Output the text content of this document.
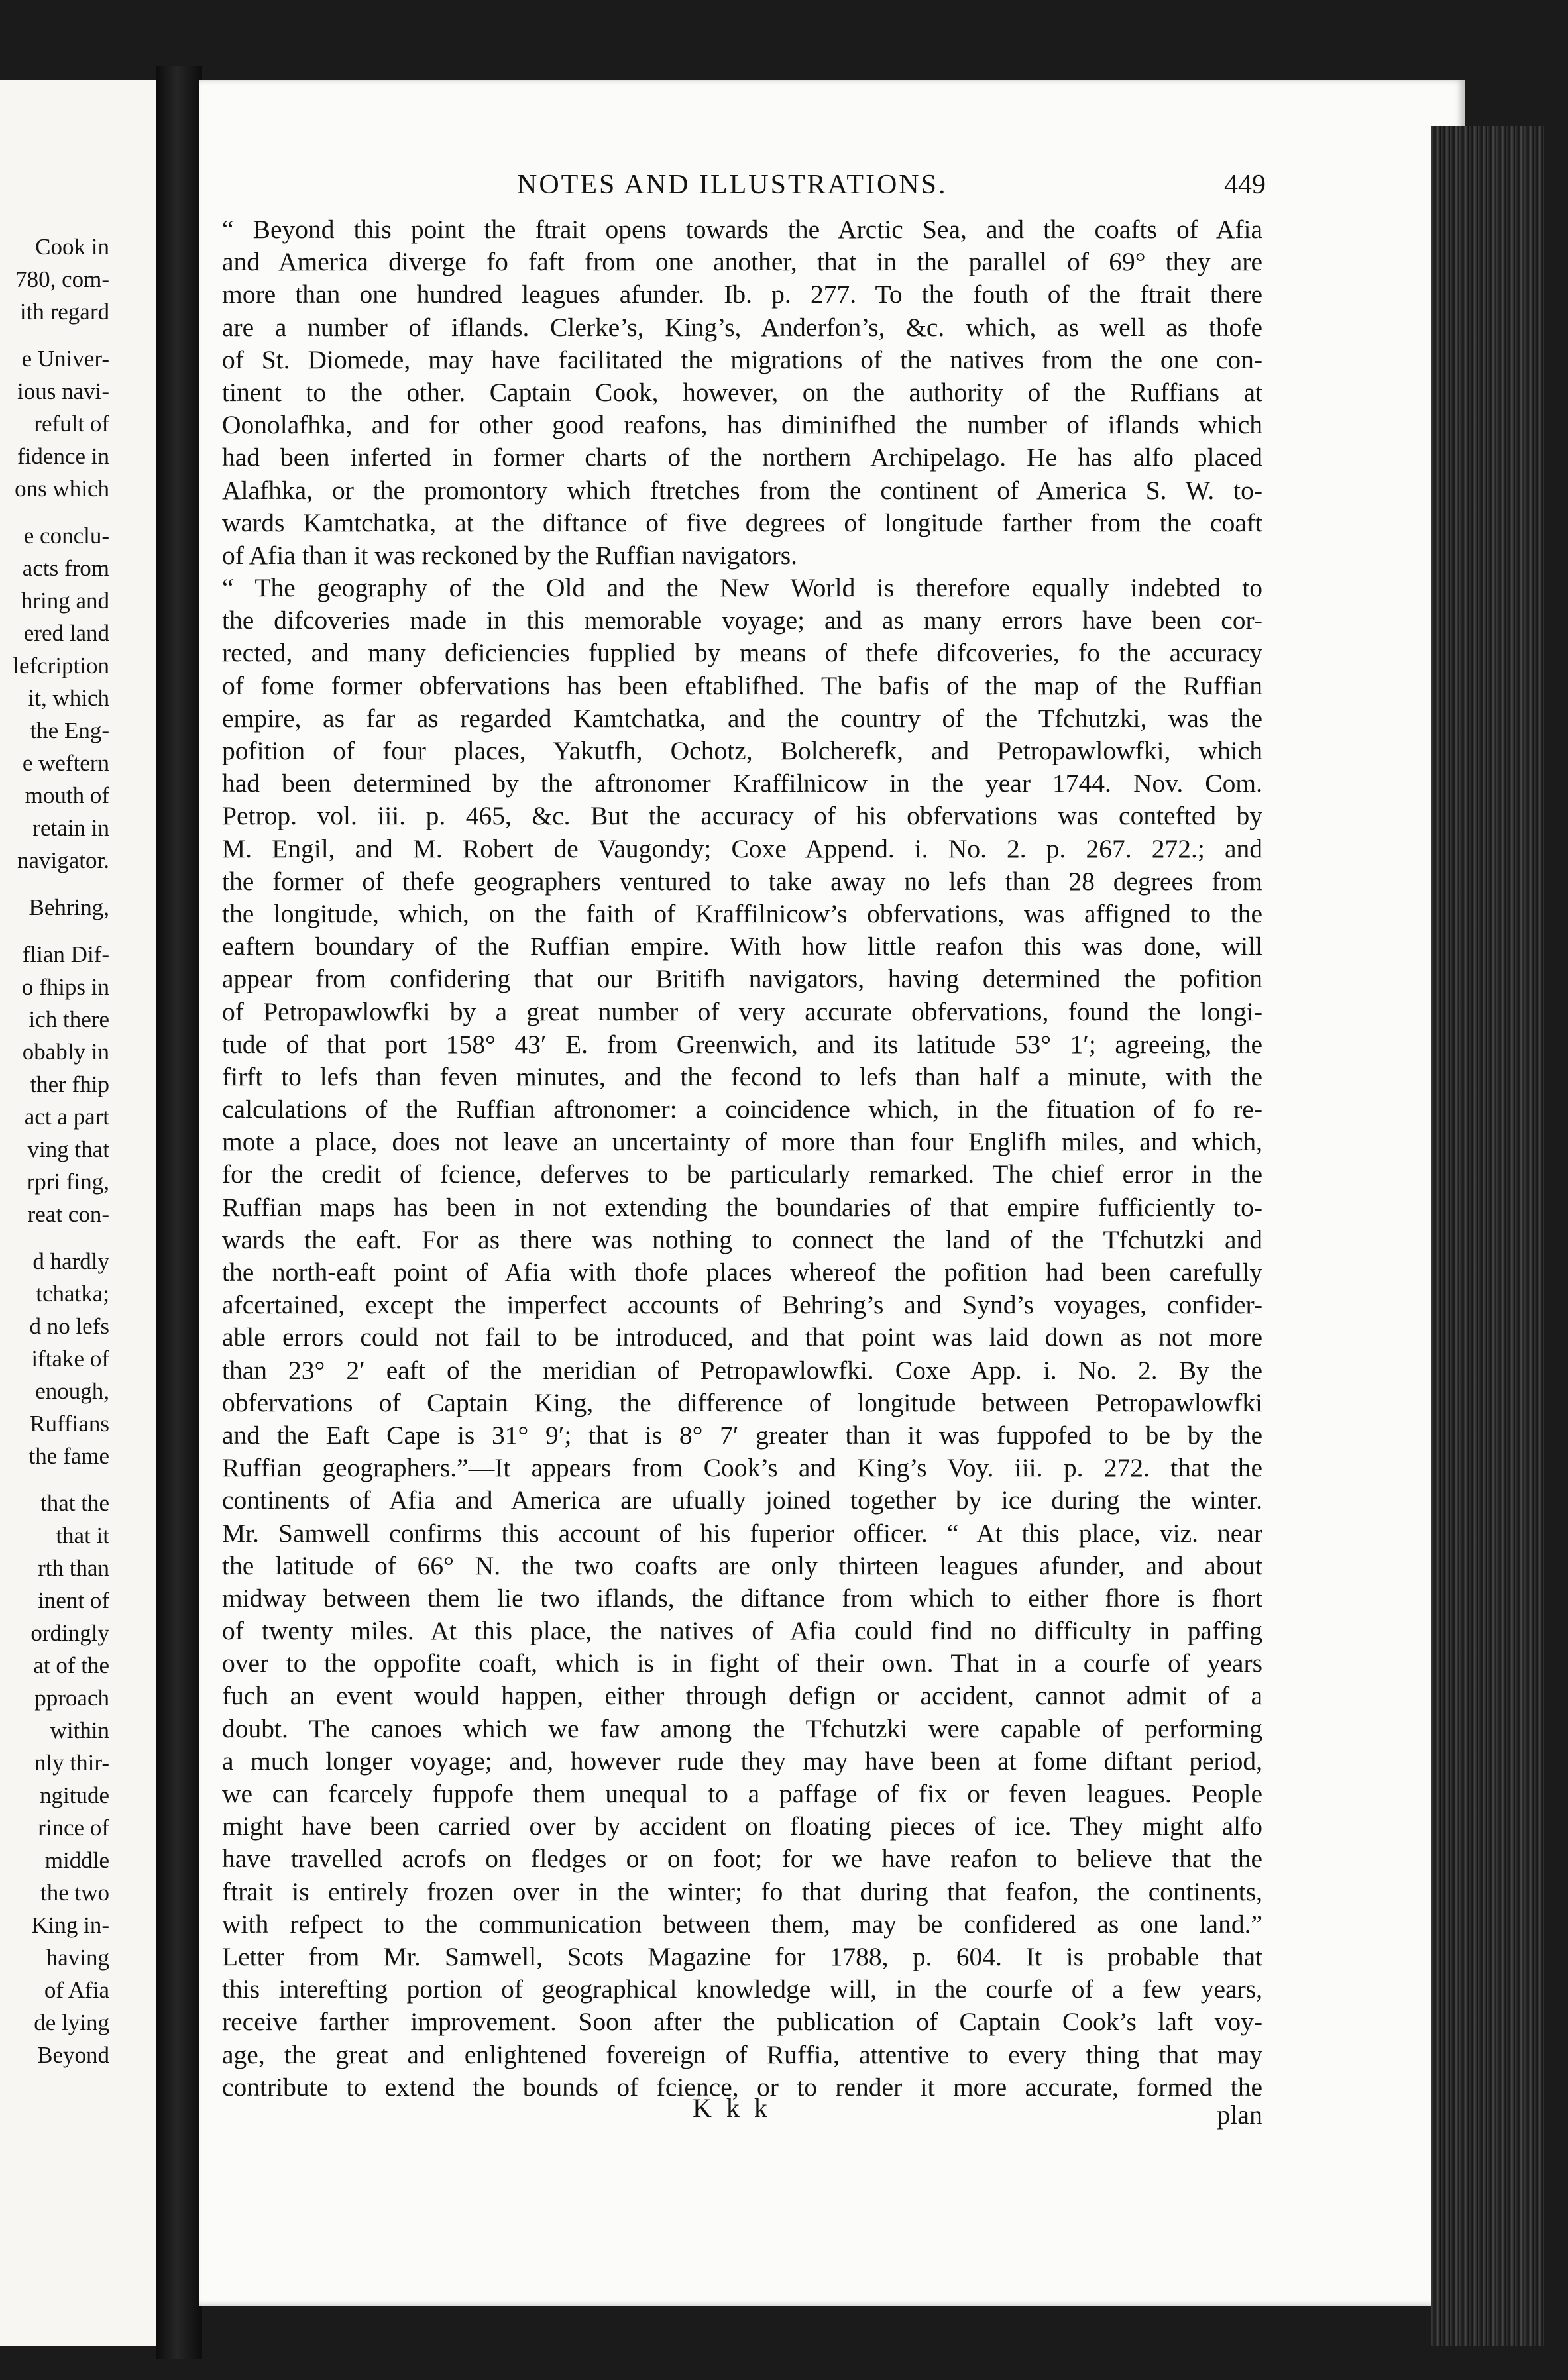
Cook in
780, com-
ith regard
e Univer-
ious navi-
refult of
fidence in
ons which
e conclu-
acts from
hring and
ered land
lefcription
it, which
the Eng-
e weftern
mouth of
retain in
navigator.
Behring,
flian Dif-
o fhips in
ich there
obably in
ther fhip
act a part
ving that
rpri fing,
reat con-
d hardly
tchatka;
d no lefs
iftake of
enough,
Ruffians
the fame
that the
that it
rth than
inent of
ordingly
at of the
pproach
within
nly thir-
ngitude
rince of
middle
the two
King in-
having
of Afia
de lying
Beyond
NOTES AND ILLUSTRATIONS.	449
“ Beyond this point the ftrait opens towards the Arctic Sea, and the coafts of Afia
and America diverge fo faft from one another, that in the parallel of 69° they are
more than one hundred leagues afunder. Ib. p. 277. To the fouth of the ftrait there
are a number of iflands. Clerke’s, King’s, Anderfon’s, &c. which, as well as thofe
of St. Diomede, may have facilitated the migrations of the natives from the one con-
tinent to the other. Captain Cook, however, on the authority of the Ruffians at
Oonolafhka, and for other good reafons, has diminifhed the number of iflands which
had been inferted in former charts of the northern Archipelago. He has alfo placed
Alafhka, or the promontory which ftretches from the continent of America S. W. to-
wards Kamtchatka, at the diftance of five degrees of longitude farther from the coaft
of Afia than it was reckoned by the Ruffian navigators.
“ The geography of the Old and the New World is therefore equally indebted to
the difcoveries made in this memorable voyage; and as many errors have been cor-
rected, and many deficiencies fupplied by means of thefe difcoveries, fo the accuracy
of fome former obfervations has been eftablifhed. The bafis of the map of the Ruffian
empire, as far as regarded Kamtchatka, and the country of the Tfchutzki, was the
pofition of four places, Yakutfh, Ochotz, Bolcherefk, and Petropawlowfki, which
had been determined by the aftronomer Kraffilnicow in the year 1744. Nov. Com.
Petrop. vol. iii. p. 465, &c. But the accuracy of his obfervations was contefted by
M. Engil, and M. Robert de Vaugondy; Coxe Append. i. No. 2. p. 267. 272.; and
the former of thefe geographers ventured to take away no lefs than 28 degrees from
the longitude, which, on the faith of Kraffilnicow’s obfervations, was affigned to the
eaftern boundary of the Ruffian empire. With how little reafon this was done, will
appear from confidering that our Britifh navigators, having determined the pofition
of Petropawlowfki by a great number of very accurate obfervations, found the longi-
tude of that port 158° 43′ E. from Greenwich, and its latitude 53° 1′; agreeing, the
firft to lefs than feven minutes, and the fecond to lefs than half a minute, with the
calculations of the Ruffian aftronomer: a coincidence which, in the fituation of fo re-
mote a place, does not leave an uncertainty of more than four Englifh miles, and which,
for the credit of fcience, deferves to be particularly remarked. The chief error in the
Ruffian maps has been in not extending the boundaries of that empire fufficiently to-
wards the eaft. For as there was nothing to connect the land of the Tfchutzki and
the north-eaft point of Afia with thofe places whereof the pofition had been carefully
afcertained, except the imperfect accounts of Behring’s and Synd’s voyages, confider-
able errors could not fail to be introduced, and that point was laid down as not more
than 23° 2′ eaft of the meridian of Petropawlowfki. Coxe App. i. No. 2. By the
obfervations of Captain King, the difference of longitude between Petropawlowfki
and the Eaft Cape is 31° 9′; that is 8° 7′ greater than it was fuppofed to be by the
Ruffian geographers.”—It appears from Cook’s and King’s Voy. iii. p. 272. that the
continents of Afia and America are ufually joined together by ice during the winter.
Mr. Samwell confirms this account of his fuperior officer. “ At this place, viz. near
the latitude of 66° N. the two coafts are only thirteen leagues afunder, and about
midway between them lie two iflands, the diftance from which to either fhore is fhort
of twenty miles. At this place, the natives of Afia could find no difficulty in paffing
over to the oppofite coaft, which is in fight of their own. That in a courfe of years
fuch an event would happen, either through defign or accident, cannot admit of a
doubt. The canoes which we faw among the Tfchutzki were capable of performing
a much longer voyage; and, however rude they may have been at fome diftant period,
we can fcarcely fuppofe them unequal to a paffage of fix or feven leagues. People
might have been carried over by accident on floating pieces of ice. They might alfo
have travelled acrofs on fledges or on foot; for we have reafon to believe that the
ftrait is entirely frozen over in the winter; fo that during that feafon, the continents,
with refpect to the communication between them, may be confidered as one land.”
Letter from Mr. Samwell, Scots Magazine for 1788, p. 604. It is probable that
this interefting portion of geographical knowledge will, in the courfe of a few years,
receive farther improvement. Soon after the publication of Captain Cook’s laft voy-
age, the great and enlightened fovereign of Ruffia, attentive to every thing that may
contribute to extend the bounds of fcience, or to render it more accurate, formed the
K k k	plan
